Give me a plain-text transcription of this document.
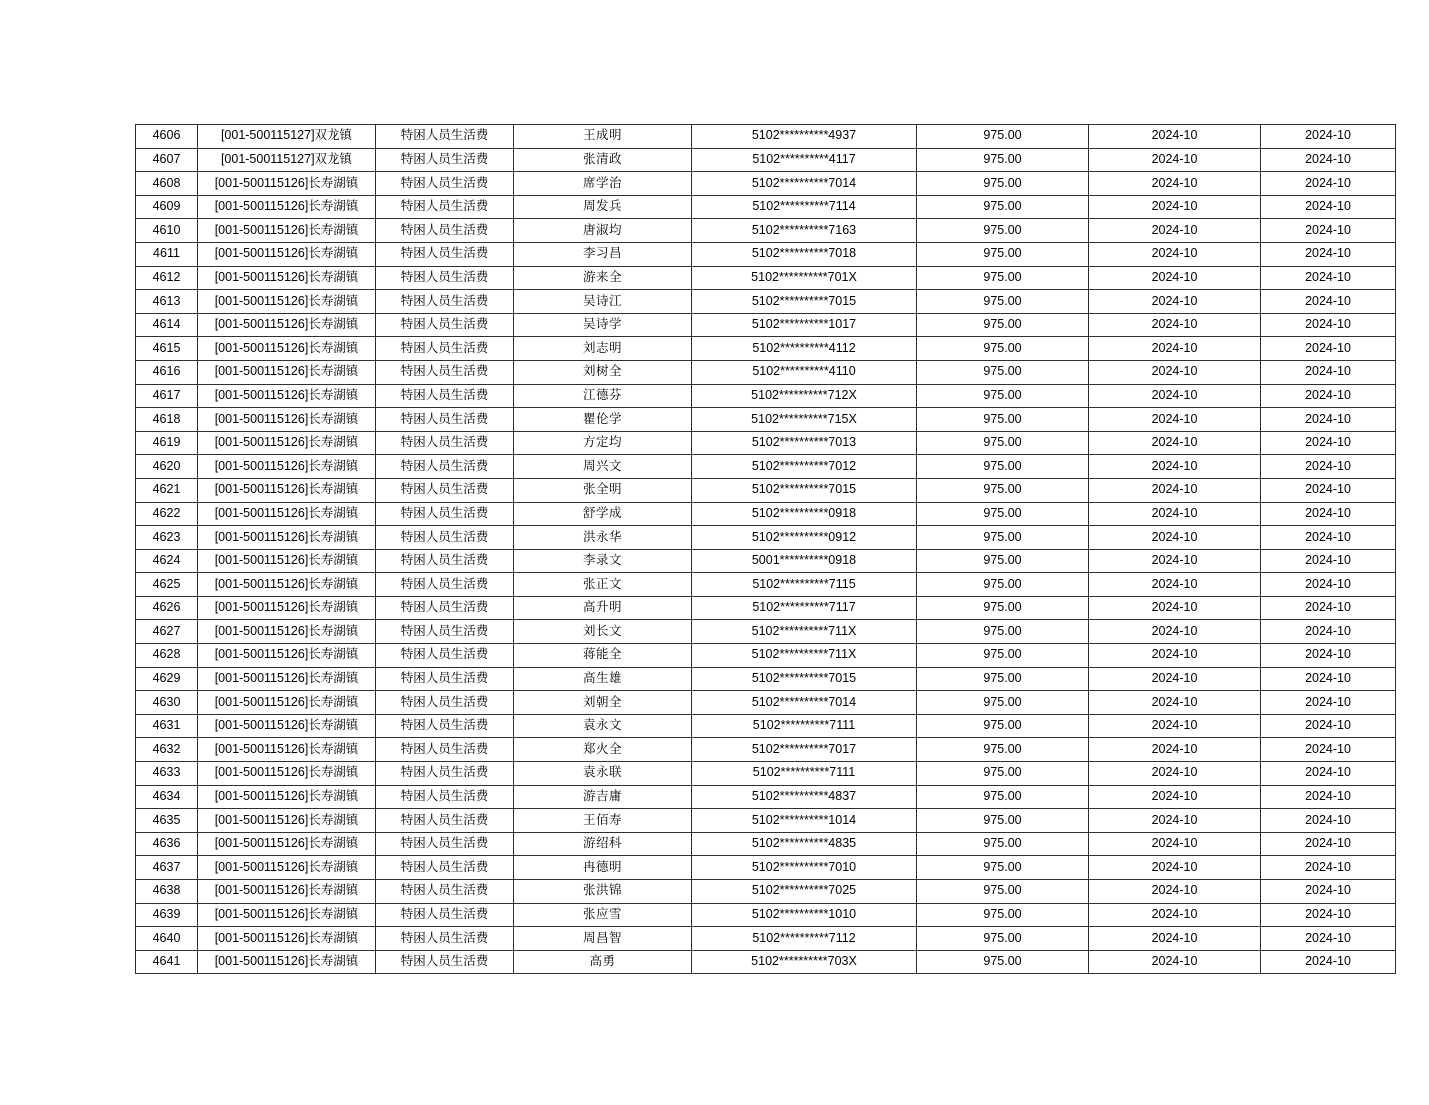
4606	[001-500115127]双龙镇	特困人员生活费	王成明	5102**********4937	975.00	2024-10	2024-10
4607	[001-500115127]双龙镇	特困人员生活费	张清政	5102**********4117	975.00	2024-10	2024-10
4608	[001-500115126]长寿湖镇	特困人员生活费	席学治	5102**********7014	975.00	2024-10	2024-10
4609	[001-500115126]长寿湖镇	特困人员生活费	周发兵	5102**********7114	975.00	2024-10	2024-10
4610	[001-500115126]长寿湖镇	特困人员生活费	唐淑均	5102**********7163	975.00	2024-10	2024-10
4611	[001-500115126]长寿湖镇	特困人员生活费	李习昌	5102**********7018	975.00	2024-10	2024-10
4612	[001-500115126]长寿湖镇	特困人员生活费	游来全	5102**********701X	975.00	2024-10	2024-10
4613	[001-500115126]长寿湖镇	特困人员生活费	吴诗江	5102**********7015	975.00	2024-10	2024-10
4614	[001-500115126]长寿湖镇	特困人员生活费	吴诗学	5102**********1017	975.00	2024-10	2024-10
4615	[001-500115126]长寿湖镇	特困人员生活费	刘志明	5102**********4112	975.00	2024-10	2024-10
4616	[001-500115126]长寿湖镇	特困人员生活费	刘树全	5102**********4110	975.00	2024-10	2024-10
4617	[001-500115126]长寿湖镇	特困人员生活费	江德芬	5102**********712X	975.00	2024-10	2024-10
4618	[001-500115126]长寿湖镇	特困人员生活费	瞿伦学	5102**********715X	975.00	2024-10	2024-10
4619	[001-500115126]长寿湖镇	特困人员生活费	方定均	5102**********7013	975.00	2024-10	2024-10
4620	[001-500115126]长寿湖镇	特困人员生活费	周兴文	5102**********7012	975.00	2024-10	2024-10
4621	[001-500115126]长寿湖镇	特困人员生活费	张全明	5102**********7015	975.00	2024-10	2024-10
4622	[001-500115126]长寿湖镇	特困人员生活费	舒学成	5102**********0918	975.00	2024-10	2024-10
4623	[001-500115126]长寿湖镇	特困人员生活费	洪永华	5102**********0912	975.00	2024-10	2024-10
4624	[001-500115126]长寿湖镇	特困人员生活费	李录文	5001**********0918	975.00	2024-10	2024-10
4625	[001-500115126]长寿湖镇	特困人员生活费	张正文	5102**********7115	975.00	2024-10	2024-10
4626	[001-500115126]长寿湖镇	特困人员生活费	高升明	5102**********7117	975.00	2024-10	2024-10
4627	[001-500115126]长寿湖镇	特困人员生活费	刘长文	5102**********711X	975.00	2024-10	2024-10
4628	[001-500115126]长寿湖镇	特困人员生活费	蒋能全	5102**********711X	975.00	2024-10	2024-10
4629	[001-500115126]长寿湖镇	特困人员生活费	高生雄	5102**********7015	975.00	2024-10	2024-10
4630	[001-500115126]长寿湖镇	特困人员生活费	刘朝全	5102**********7014	975.00	2024-10	2024-10
4631	[001-500115126]长寿湖镇	特困人员生活费	袁永文	5102**********7111	975.00	2024-10	2024-10
4632	[001-500115126]长寿湖镇	特困人员生活费	郑火全	5102**********7017	975.00	2024-10	2024-10
4633	[001-500115126]长寿湖镇	特困人员生活费	袁永联	5102**********7111	975.00	2024-10	2024-10
4634	[001-500115126]长寿湖镇	特困人员生活费	游吉庸	5102**********4837	975.00	2024-10	2024-10
4635	[001-500115126]长寿湖镇	特困人员生活费	王佰寿	5102**********1014	975.00	2024-10	2024-10
4636	[001-500115126]长寿湖镇	特困人员生活费	游绍科	5102**********4835	975.00	2024-10	2024-10
4637	[001-500115126]长寿湖镇	特困人员生活费	冉德明	5102**********7010	975.00	2024-10	2024-10
4638	[001-500115126]长寿湖镇	特困人员生活费	张洪锦	5102**********7025	975.00	2024-10	2024-10
4639	[001-500115126]长寿湖镇	特困人员生活费	张应雪	5102**********1010	975.00	2024-10	2024-10
4640	[001-500115126]长寿湖镇	特困人员生活费	周昌智	5102**********7112	975.00	2024-10	2024-10
4641	[001-500115126]长寿湖镇	特困人员生活费	高勇	5102**********703X	975.00	2024-10	2024-10
